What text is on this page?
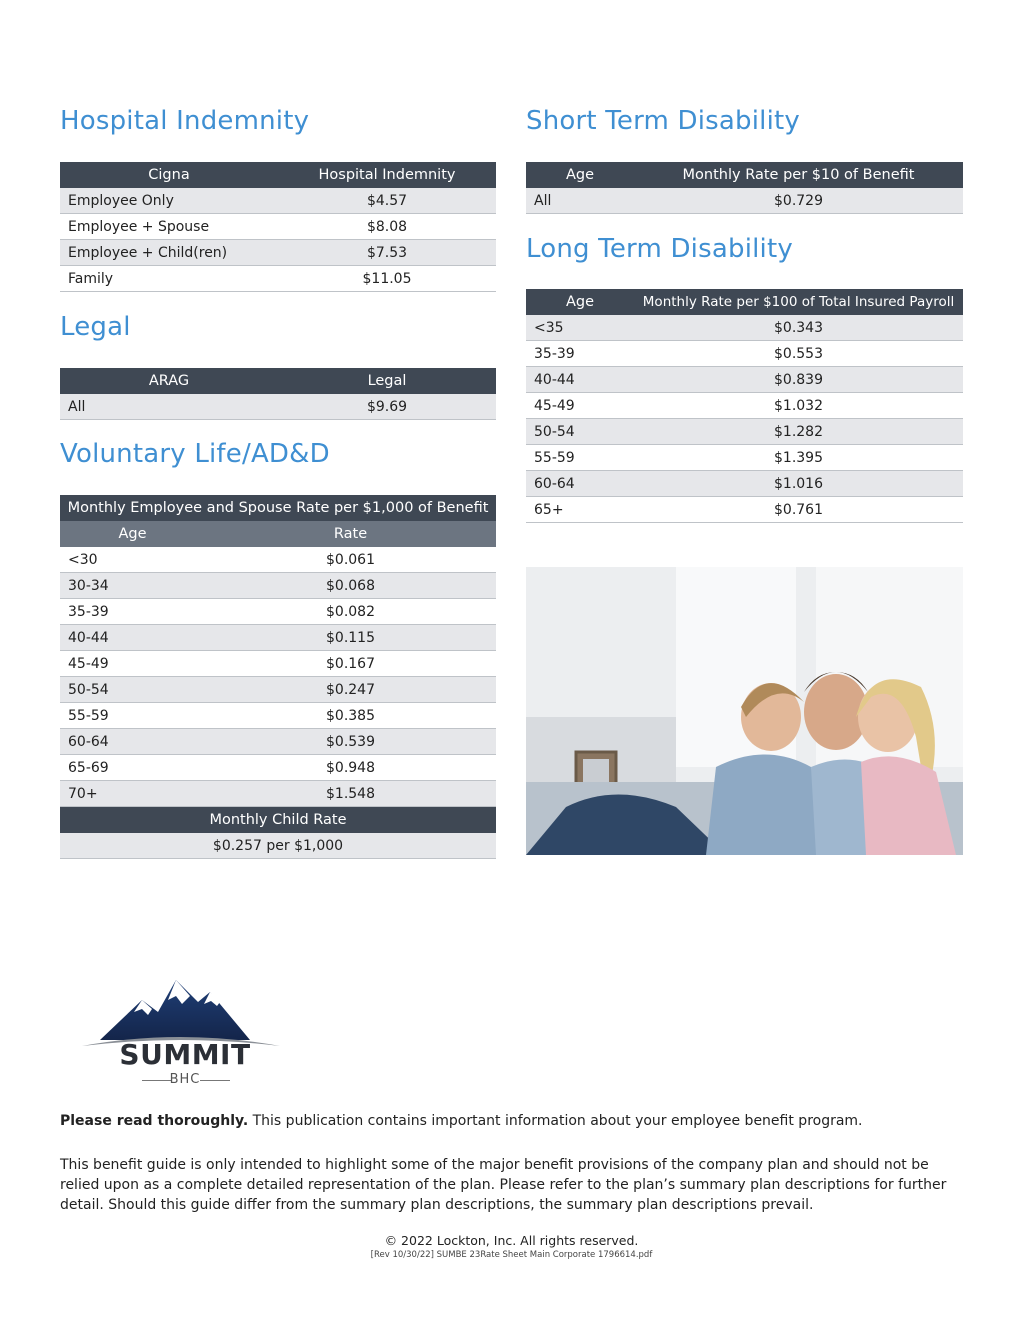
Hospital Indemnity
Cigna	Hospital Indemnity
Employee Only	$4.57
Employee + Spouse	$8.08
Employee + Child(ren)	$7.53
Family	$11.05
Legal
ARAG	Legal
All	$9.69
Voluntary Life/AD&D
Monthly Employee and Spouse Rate per $1,000 of Benefit	
Age	Rate
<30	$0.061
30-34	$0.068
35-39	$0.082
40-44	$0.115
45-49	$0.167
50-54	$0.247
55-59	$0.385
60-64	$0.539
65-69	$0.948
70+	$1.548
Monthly Child Rate	
$0.257 per $1,000	
Short Term Disability
Age	Monthly Rate per $10 of Benefit
All	$0.729
Long Term Disability
Age	Monthly Rate per $100 of Total Insured Payroll
<35	$0.343
35-39	$0.553
40-44	$0.839
45-49	$1.032
50-54	$1.282
55-59	$1.395
60-64	$1.016
65+	$0.761
SUMMIT
BHC

Please read thoroughly. This publication contains important information about your employee benefit program.

This benefit guide is only intended to highlight some of the major benefit provisions of the company plan and should not be relied upon as a complete detailed representation of the plan. Please refer to the plan’s summary plan descriptions for further detail. Should this guide differ from the summary plan descriptions, the summary plan descriptions prevail.

© 2022 Lockton, Inc. All rights reserved.

[Rev 10/30/22] SUMBE 23Rate Sheet Main Corporate 1796614.pdf
